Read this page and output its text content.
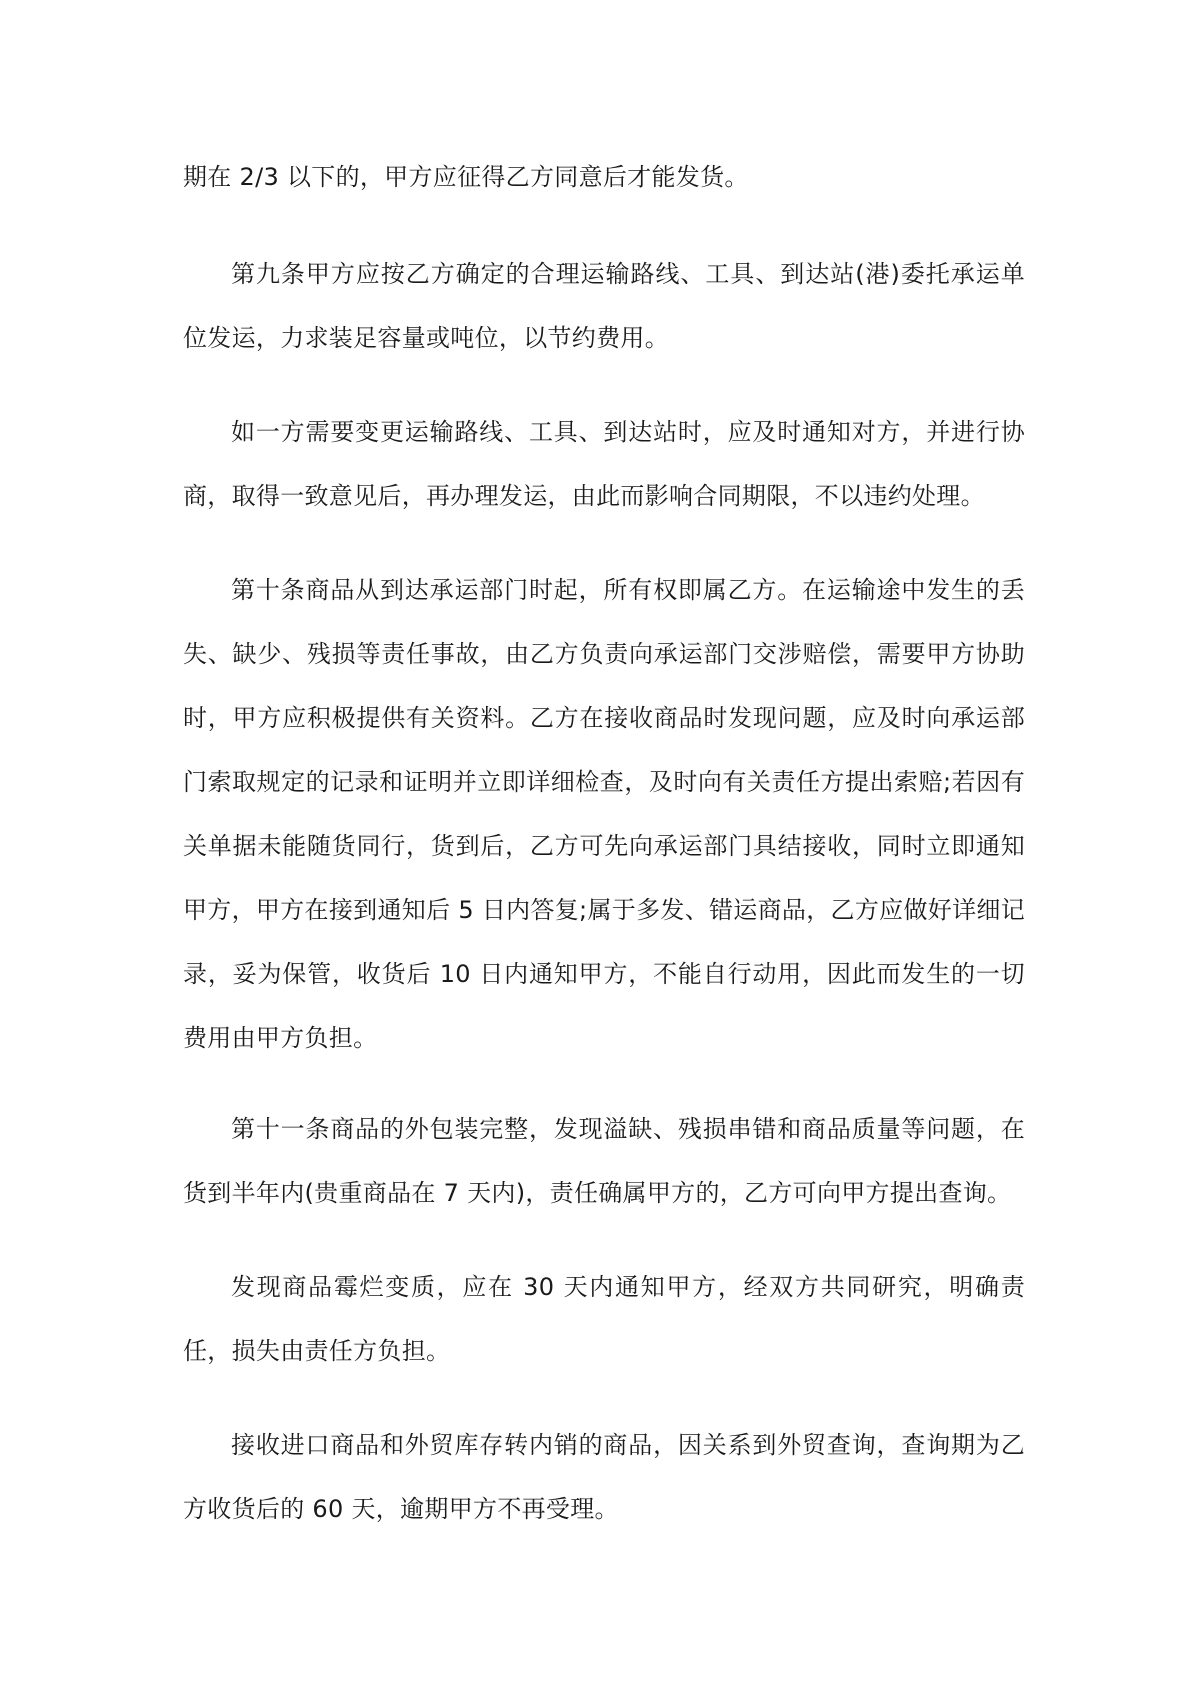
期在 2/3 以下的，甲方应征得乙方同意后才能发货。

第九条甲方应按乙方确定的合理运输路线、工具、到达站(港)委托承运单位发运，力求装足容量或吨位，以节约费用。

如一方需要变更运输路线、工具、到达站时，应及时通知对方，并进行协商，取得一致意见后，再办理发运，由此而影响合同期限，不以违约处理。

第十条商品从到达承运部门时起，所有权即属乙方。在运输途中发生的丢失、缺少、残损等责任事故，由乙方负责向承运部门交涉赔偿，需要甲方协助时，甲方应积极提供有关资料。乙方在接收商品时发现问题，应及时向承运部门索取规定的记录和证明并立即详细检查，及时向有关责任方提出索赔;若因有关单据未能随货同行，货到后，乙方可先向承运部门具结接收，同时立即通知甲方，甲方在接到通知后 5 日内答复;属于多发、错运商品，乙方应做好详细记录，妥为保管，收货后 10 日内通知甲方，不能自行动用，因此而发生的一切费用由甲方负担。

第十一条商品的外包装完整，发现溢缺、残损串错和商品质量等问题，在货到半年内(贵重商品在 7 天内)，责任确属甲方的，乙方可向甲方提出查询。

发现商品霉烂变质，应在 30 天内通知甲方，经双方共同研究，明确责任，损失由责任方负担。

接收进口商品和外贸库存转内销的商品，因关系到外贸查询，查询期为乙方收货后的 60 天，逾期甲方不再受理。
